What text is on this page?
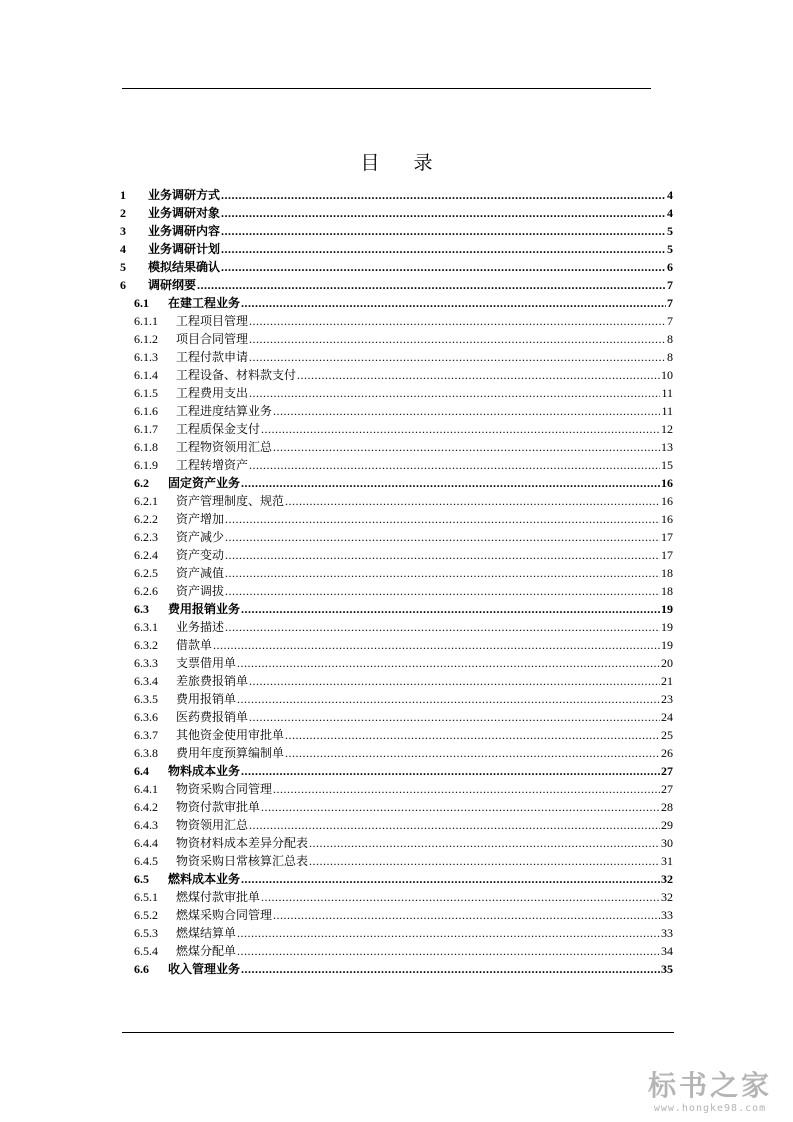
目 录
1	业务调研方式 .....	4
2	业务调研对象 .....	4
3	业务调研内容 .....	5
4	业务调研计划 .....	5
5	模拟结果确认 .....	6
6	调研纲要 .....	7
6.1	在建工程业务 .....	7
6.1.1	工程项目管理 .....	7
6.1.2	项目合同管理 .....	8
6.1.3	工程付款申请 .....	8
6.1.4	工程设备、材料款支付 .....	10
6.1.5	工程费用支出 .....	11
6.1.6	工程进度结算业务 .....	11
6.1.7	工程质保金支付 .....	12
6.1.8	工程物资领用汇总 .....	13
6.1.9	工程转增资产 .....	15
6.2	固定资产业务 .....	16
6.2.1	资产管理制度、规范 .....	16
6.2.2	资产增加 .....	16
6.2.3	资产减少 .....	17
6.2.4	资产变动 .....	17
6.2.5	资产减值 .....	18
6.2.6	资产调拔 .....	18
6.3	费用报销业务 .....	19
6.3.1	业务描述 .....	19
6.3.2	借款单 .....	19
6.3.3	支票借用单 .....	20
6.3.4	差旅费报销单 .....	21
6.3.5	费用报销单 .....	23
6.3.6	医药费报销单 .....	24
6.3.7	其他资金使用审批单 .....	25
6.3.8	费用年度预算编制单 .....	26
6.4	物料成本业务 .....	27
6.4.1	物资采购合同管理 .....	27
6.4.2	物资付款审批单 .....	28
6.4.3	物资领用汇总 .....	29
6.4.4	物资材料成本差异分配表 .....	30
6.4.5	物资采购日常核算汇总表 .....	31
6.5	燃料成本业务 .....	32
6.5.1	燃煤付款审批单 .....	32
6.5.2	燃煤采购合同管理 .....	33
6.5.3	燃煤结算单 .....	33
6.5.4	燃煤分配单 .....	34
6.6	收入管理业务 .....	35
标书之家
www.hongke98.com
